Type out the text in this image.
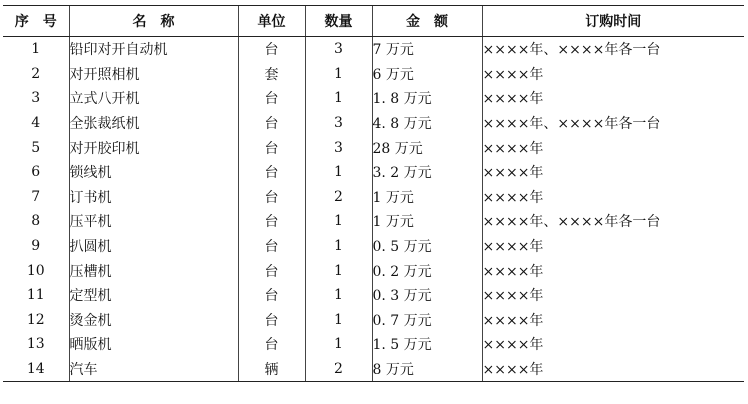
序　号	名　称	单位	数量	金　额	订购时间
1	铅印对开自动机	台	3	7 万元	××××年、××××年各一台
2	对开照相机	套	1	6 万元	××××年
3	立式八开机	台	1	1. 8 万元	××××年
4	全张裁纸机	台	3	4. 8 万元	××××年、××××年各一台
5	对开胶印机	台	3	28 万元	××××年
6	锁线机	台	1	3. 2 万元	××××年
7	订书机	台	2	1 万元	××××年
8	压平机	台	1	1 万元	××××年、××××年各一台
9	扒圆机	台	1	0. 5 万元	××××年
10	压槽机	台	1	0. 2 万元	××××年
11	定型机	台	1	0. 3 万元	××××年
12	烫金机	台	1	0. 7 万元	××××年
13	晒版机	台	1	1. 5 万元	××××年
14	汽车	辆	2	8 万元	××××年
